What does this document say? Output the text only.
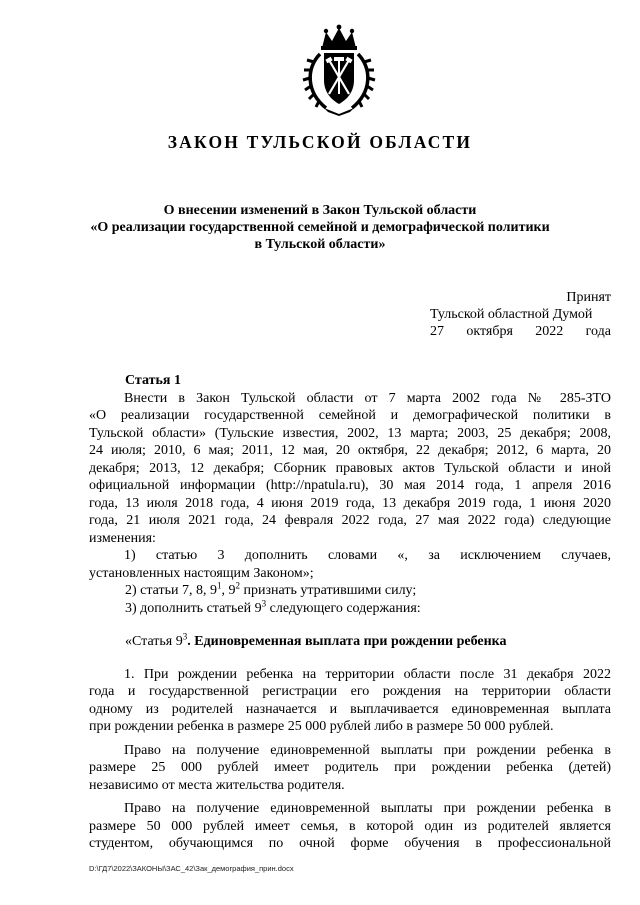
ЗАКОН ТУЛЬСКОЙ ОБЛАСТИ
О внесении изменений в Закон Тульской области
«О реализации государственной семейной и демографической политики
в Тульской области»
Принят
Тульской областной Думой
27 октября 2022 года

Статья 1

Внести в Закон Тульской области от 7 марта 2002 года № 285-ЗТО

«О реализации государственной семейной и демографической политики в

Тульской области» (Тульские известия, 2002, 13 марта; 2003, 25 декабря; 2008,

24 июля; 2010, 6 мая; 2011, 12 мая, 20 октября, 22 декабря; 2012, 6 марта, 20

декабря; 2013, 12 декабря; Сборник правовых актов Тульской области и иной

официальной информации (http://npatula.ru), 30 мая 2014 года, 1 апреля 2016

года, 13 июля 2018 года, 4 июня 2019 года, 13 декабря 2019 года, 1 июня 2020

года, 21 июля 2021 года, 24 февраля 2022 года, 27 мая 2022 года) следующие

изменения:

1) статью 3 дополнить словами «, за исключением случаев,

установленных настоящим Законом»;

2) статьи 7, 8, $9^1$, $9^2$ признать утратившими силу;

3) дополнить статьей $9^3$ следующего содержания:

«Статья $9^3$. Единовременная выплата при рождении ребенка

1. При рождении ребенка на территории области после 31 декабря 2022

года и государственной регистрации его рождения на территории области

одному из родителей назначается и выплачивается единовременная выплата

при рождении ребенка в размере 25 000 рублей либо в размере 50 000 рублей.

Право на получение единовременной выплаты при рождении ребенка в

размере 25 000 рублей имеет родитель при рождении ребенка (детей)

независимо от места жительства родителя.

Право на получение единовременной выплаты при рождении ребенка в

размере 50 000 рублей имеет семья, в которой один из родителей является

студентом, обучающимся по очной форме обучения в профессиональной

D:\ГД7\2022\ЗАКОНЫ\ЗАС_42\Зак_демография_прин.docx
